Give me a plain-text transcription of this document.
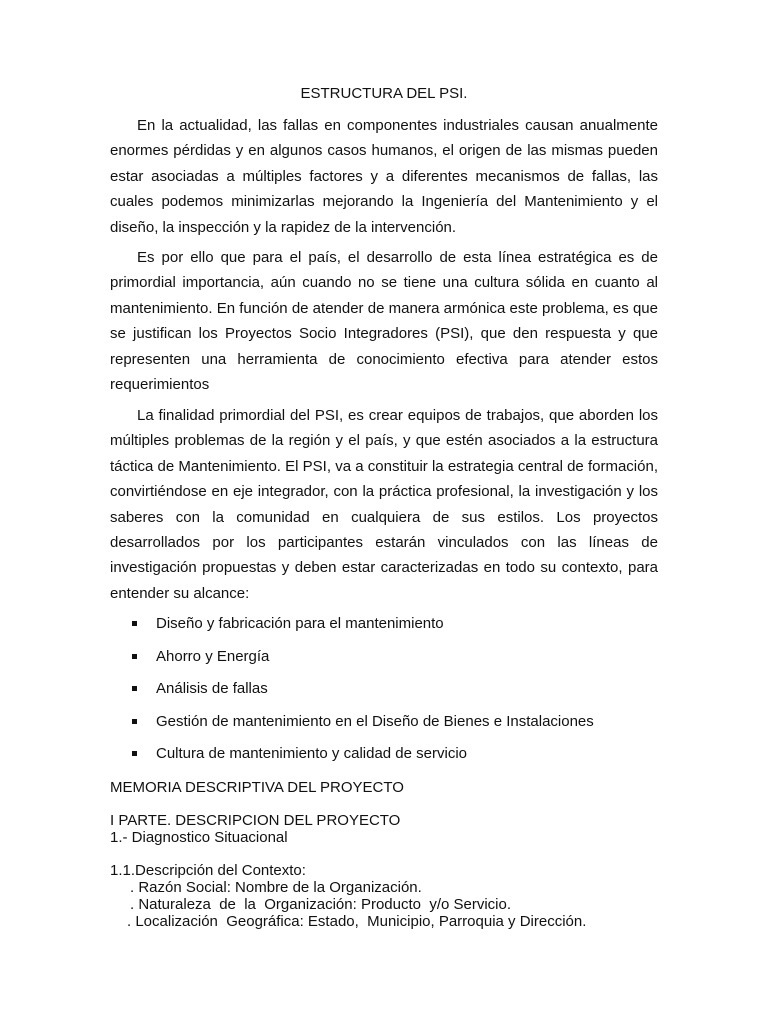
ESTRUCTURA DEL PSI.

En la actualidad, las fallas en componentes industriales causan anualmente enormes pérdidas y en algunos casos humanos, el origen de las mismas pueden estar asociadas a múltiples factores y a diferentes mecanismos de fallas, las cuales podemos minimizarlas mejorando la Ingeniería del Mantenimiento y el diseño, la inspección y la rapidez de la intervención.

Es por ello que para el país, el desarrollo de esta línea estratégica es de primordial importancia, aún cuando no se tiene una cultura sólida en cuanto al mantenimiento. En función de atender de manera armónica este problema, es que se justifican los Proyectos Socio Integradores (PSI), que den respuesta y que representen una herramienta de conocimiento efectiva para atender estos requerimientos

La finalidad primordial del PSI, es crear equipos de trabajos, que aborden los múltiples problemas de la región y el país, y que estén asociados a la estructura táctica de Mantenimiento. El PSI, va a constituir la estrategia central de formación, convirtiéndose en eje integrador, con la práctica profesional, la investigación y los saberes con la comunidad en cualquiera de sus estilos. Los proyectos desarrollados por los participantes estarán vinculados con las líneas de investigación propuestas y deben estar caracterizadas en todo su contexto, para entender su alcance:

Diseño y fabricación para el mantenimiento
Ahorro y Energía
Análisis de fallas
Gestión de mantenimiento en el Diseño de Bienes e Instalaciones
Cultura de mantenimiento y calidad de servicio
MEMORIA DESCRIPTIVA DEL PROYECTO
I PARTE. DESCRIPCION DEL PROYECTO
1.- Diagnostico Situacional
1.1.Descripción del Contexto:
. Razón Social: Nombre de la Organización.
. Naturaleza  de  la  Organización: Producto  y/o Servicio.
. Localización  Geográfica: Estado,  Municipio, Parroquia y Dirección.
